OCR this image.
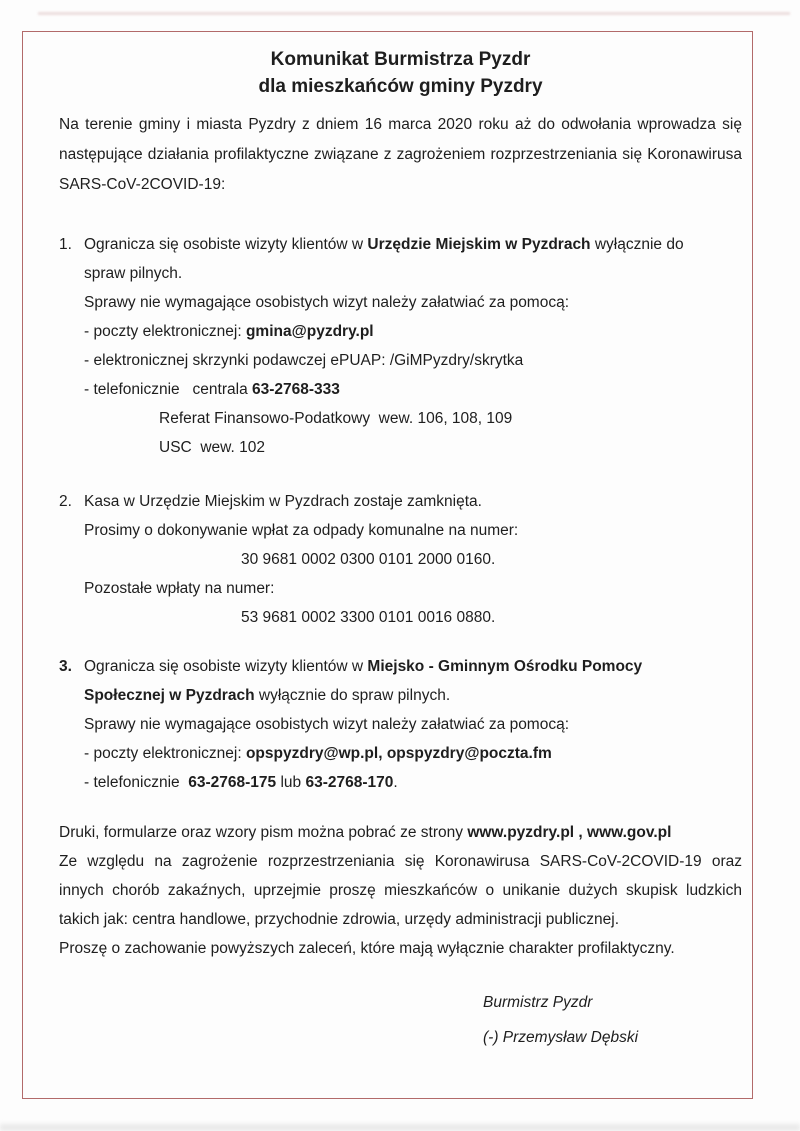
Komunikat Burmistrza Pyzdr
dla mieszkańców gminy Pyzdry

Na terenie gminy i miasta Pyzdry z dniem 16 marca 2020 roku aż do odwołania wprowadza się następujące działania profilaktyczne związane z zagrożeniem rozprzestrzeniania się Koronawirusa SARS-CoV-2COVID-19:

1. Ogranicza się osobiste wizyty klientów w Urzędzie Miejskim w Pyzdrach wyłącznie do
spraw pilnych.
Sprawy nie wymagające osobistych wizyt należy załatwiać za pomocą:
- poczty elektronicznej: gmina@pyzdry.pl
- elektronicznej skrzynki podawczej ePUAP: /GiMPyzdry/skrytka
- telefonicznie   centrala 63-2768-333
Referat Finansowo-Podatkowy  wew. 106, 108, 109
USC  wew. 102
2. Kasa w Urzędzie Miejskim w Pyzdrach zostaje zamknięta.
Prosimy o dokonywanie wpłat za odpady komunalne na numer:
30 9681 0002 0300 0101 2000 0160.
Pozostałe wpłaty na numer:
53 9681 0002 3300 0101 0016 0880.
3. Ogranicza się osobiste wizyty klientów w Miejsko - Gminnym Ośrodku Pomocy
Społecznej w Pyzdrach wyłącznie do spraw pilnych.
Sprawy nie wymagające osobistych wizyt należy załatwiać za pomocą:
- poczty elektronicznej: opspyzdry@wp.pl, opspyzdry@poczta.fm
- telefonicznie  63-2768-175 lub 63-2768-170.

Druki, formularze oraz wzory pism można pobrać ze strony www.pyzdry.pl , www.gov.pl

Ze względu na zagrożenie rozprzestrzeniania się Koronawirusa SARS-CoV-2COVID-19 oraz innych chorób zakaźnych, uprzejmie proszę mieszkańców o unikanie dużych skupisk ludzkich takich jak: centra handlowe, przychodnie zdrowia, urzędy administracji publicznej.

Proszę o zachowanie powyższych zaleceń, które mają wyłącznie charakter profilaktyczny.

Burmistrz Pyzdr
(-) Przemysław Dębski
